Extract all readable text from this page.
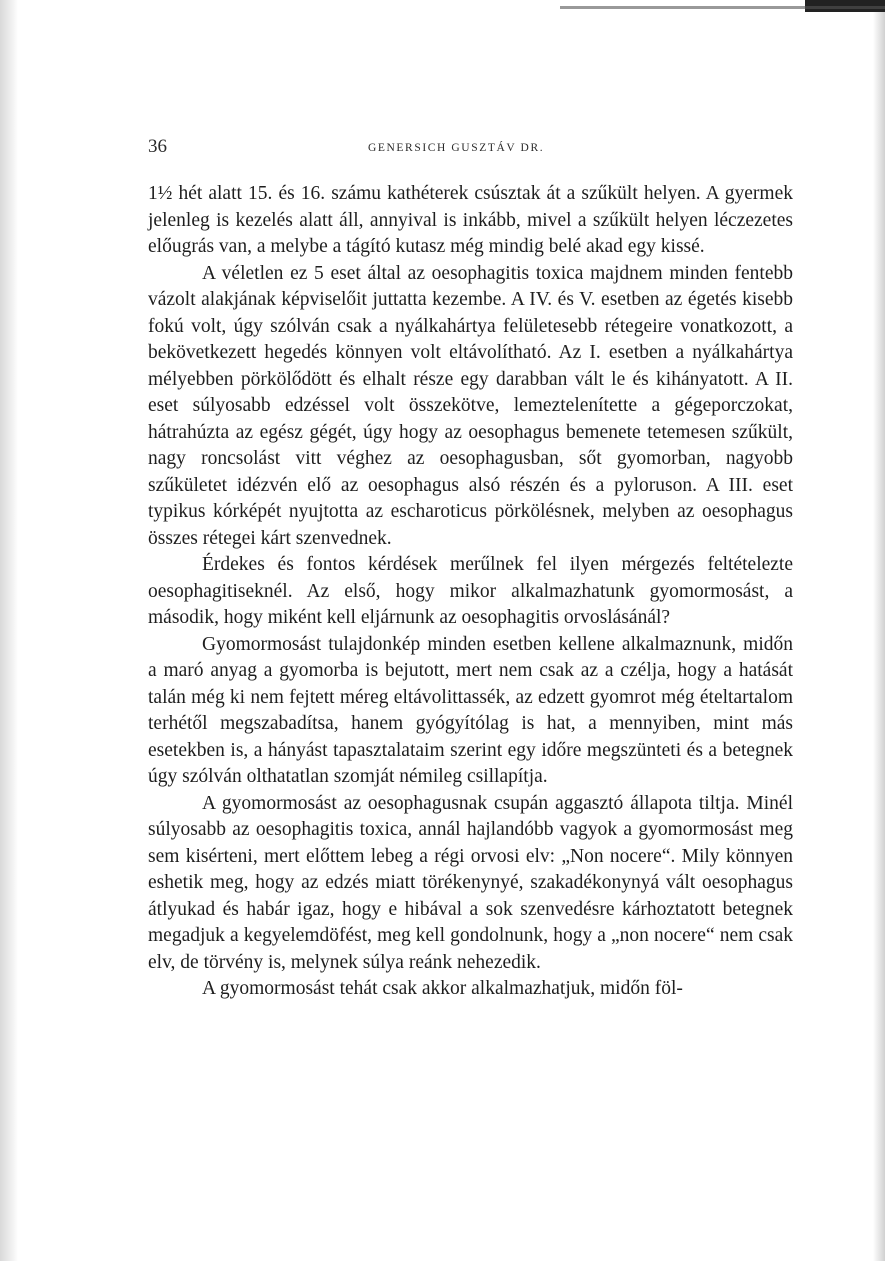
36	GENERSICH GUSZTÁV DR.

1½ hét alatt 15. és 16. számu kathéterek csúsztak át a szűkült helyen. A gyermek jelenleg is kezelés alatt áll, annyival is inkább, mivel a szűkült helyen léczezetes előugrás van, a melybe a tágító kutasz még mindig belé akad egy kissé.

A véletlen ez 5 eset által az oesophagitis toxica majdnem minden fentebb vázolt alakjának képviselőit juttatta kezembe. A IV. és V. esetben az égetés kisebb fokú volt, úgy szólván csak a nyálkahártya felületesebb rétegeire vonatkozott, a bekövetkezett hegedés könnyen volt eltávolítható. Az I. esetben a nyálkahártya mélyebben pörkölődött és elhalt része egy darabban vált le és kihányatott. A II. eset súlyosabb edzéssel volt összekötve, lemeztelenítette a gégeporczokat, hátrahúzta az egész gégét, úgy hogy az oesophagus bemenete tetemesen szűkült, nagy roncsolást vitt véghez az oesophagusban, sőt gyomorban, nagyobb szűkületet idézvén elő az oesophagus alsó részén és a pyloruson. A III. eset typikus kórképét nyujtotta az escharoticus pörkölésnek, melyben az oesophagus összes rétegei kárt szenvednek.

Érdekes és fontos kérdések merűlnek fel ilyen mérgezés feltételezte oesophagitiseknél. Az első, hogy mikor alkalmazhatunk gyomormosást, a második, hogy miként kell eljárnunk az oesophagitis orvoslásánál?

Gyomormosást tulajdonkép minden esetben kellene alkalmaznunk, midőn a maró anyag a gyomorba is bejutott, mert nem csak az a czélja, hogy a hatását talán még ki nem fejtett méreg eltávolittassék, az edzett gyomrot még ételtartalom terhétől megszabadítsa, hanem gyógyítólag is hat, a mennyiben, mint más esetekben is, a hányást tapasztalataim szerint egy időre megszünteti és a betegnek úgy szólván olthatatlan szomját némileg csillapítja.

A gyomormosást az oesophagusnak csupán aggasztó állapota tiltja. Minél súlyosabb az oesophagitis toxica, annál hajlandóbb vagyok a gyomormosást meg sem kisérteni, mert előttem lebeg a régi orvosi elv: „Non nocere“. Mily könnyen eshetik meg, hogy az edzés miatt törékenynyé, szakadékonynyá vált oesophagus átlyukad és habár igaz, hogy e hibával a sok szenvedésre kárhoztatott betegnek megadjuk a kegyelemdöfést, meg kell gondolnunk, hogy a „non nocere“ nem csak elv, de törvény is, melynek súlya reánk nehezedik.

A gyomormosást tehát csak akkor alkalmazhatjuk, midőn föl-
